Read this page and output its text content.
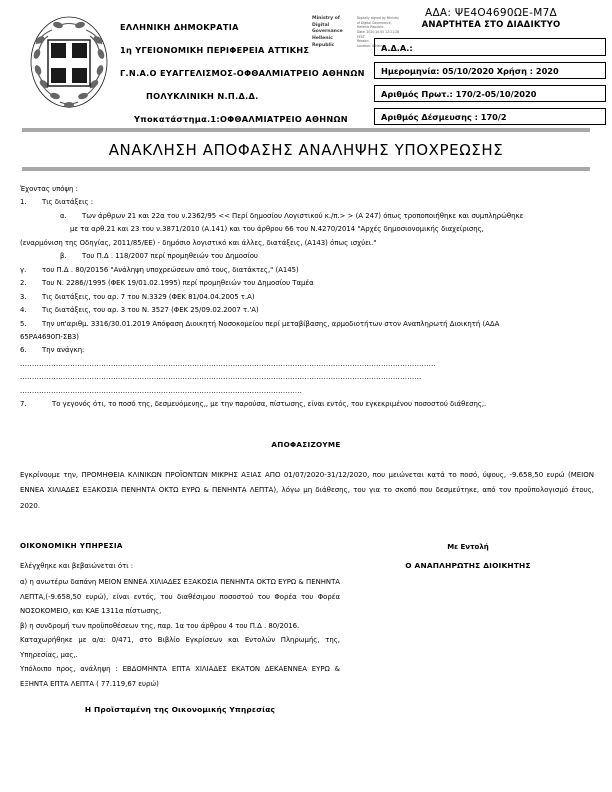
ΑΔΑ: ΨΕ4Ο4690ΩΕ-Μ7Δ
ΑΝΑΡΤΗΤΕΑ ΣΤΟ ΔΙΑΔΙΚΤΥΟ
ΕΛΛΗΝΙΚΗ ΔΗΜΟΚΡΑΤΙΑ
1η ΥΓΕΙΟΝΟΜΙΚΗ ΠΕΡΙΦΕΡΕΙΑ ΑΤΤΙΚΗΣ
Γ.Ν.Α.Ο ΕΥΑΓΓΕΛΙΣΜΟΣ-ΟΦΘΑΛΜΙΑΤΡΕΙΟ ΑΘΗΝΩΝ
ΠΟΛΥΚΛΙΝΙΚΗ Ν.Π.Δ.Δ.
Υποκατάστημα.1:ΟΦΘΑΛΜΙΑΤΡΕΙΟ ΑΘΗΝΩΝ
Ministry of Digital
Governance
Hellenic Republic
Digitally signed by Ministry
of Digital Governance,
Hellenic Republic
Date: 2020.10.05 12:21:28
EEST
Reason:
Location: Athens
Α.Δ.Α.:
Ημερομηνία: 05/10/2020 Χρήση : 2020
Αριθμός Πρωτ.: 170/2-05/10/2020
Αριθμός Δέσμευσης : 170/2
ΑΝΑΚΛΗΣΗ ΑΠΟΦΑΣΗΣ ΑΝΑΛΗΨΗΣ ΥΠΟΧΡΕΩΣΗΣ
Έχοντας υπόψη :
1.	Τις διατάξεις :
α.	Των άρθρων 21 και 22α του ν.2362/95 << Περί δημοσίου Λογιστικού κ./π.> > (Α 247) όπως τροποποιήθηκε και συμπληρώθηκε
με τα αρθ.21 και 23 του ν.3871/2010 (Α.141) και του άρθρου 66 του Ν.4270/2014 "Αρχές δημοσιονομικής διαχείρισης,
(εναρμόνιση της Οδηγίας, 2011/85/ΕΕ) - δημόσιο λογιστικό και άλλες, διατάξεις, (Α143) όπως ισχύει."
β.	Του Π.Δ . 118/2007 περί προμηθειών του Δημοσίου
γ.	του Π.Δ . 80/20156 "Ανάληψη υποχρεώσεων από τους, διατάκτες," (Α145)
2.	Του Ν. 2286//1995 (ΦΕΚ 19/01.02.1995) περί προμηθειών του Δημοσίου Ταμέα
3.	Τις διατάξεις, του αρ. 7 του Ν.3329 (ΦΕΚ 81/04.04.2005 τ.Α)
4.	Τις διατάξεις, του αρ. 3 του Ν. 3527 (ΦΕΚ 25/09.02.2007 τ.'Α)
5.	Την υπ'αριθμ. 3316/30.01.2019 Απόφαση Διοικητή Νοσοκομείου περί μεταβίβασης, αρμοδιοτήτων στον Αναπληρωτή Διοικητή (ΑΔΑ
65ΡΑ4690Π-ΣΒ3)
6.	Την ανάγκη:
..............................................................................................................................................................................
........................................................................................................................................................................
......................................................................................................................
7.	Το γεγονός ότι, το ποσό της, δεσμευόμενης,, με την παρούσα, πίστωσης, είναι εντός, του εγκεκριμένου ποσοστού διάθεσης,.
ΑΠΟΦΑΣΙΖΟΥΜΕ
Εγκρίνουμε την, ΠΡΟΜΗΘΕΙΑ ΚΛΙΝΙΚΩΝ ΠΡΟΪΟΝΤΩΝ ΜΙΚΡΗΣ ΑΞΙΑΣ ΑΠΟ 01/07/2020-31/12/2020, που μειώνεται κατά το ποσό, ύψους, -9.658,50 ευρώ (ΜΕΙΟΝ ΕΝΝΕΑ ΧΙΛΙΑΔΕΣ ΕΞΑΚΟΣΙΑ ΠΕΝΗΝΤΑ ΟΚΤΩ ΕΥΡΩ & ΠΕΝΗΝΤΑ ΛΕΠΤΑ), λόγω μη διάθεσης, του για το σκοπό που δεσμεύτηκε, από τον προϋπολογισμό έτους, 2020.
ΟΙΚΟΝΟΜΙΚΗ ΥΠΗΡΕΣΙΑ
Ελέγχθηκε και βεβαιώνεται ότι :
α) η ανωτέρω δαπάνη ΜΕΙΟΝ ΕΝΝΕΑ ΧΙΛΙΑΔΕΣ ΕΞΑΚΟΣΙΑ ΠΕΝΗΝΤΑ ΟΚΤΩ ΕΥΡΩ & ΠΕΝΗΝΤΑ ΛΕΠΤΑ,(-9.658,50 ευρώ), είναι εντός, του διαθέσιμου ποσοστού του Φορέα του Φορέα ΝΟΣΟΚΟΜΕΙΟ, και ΚΑΕ 1311α πίστωσης,
β) η συνδρομή των προϋποθέσεων της, παρ. 1α του άρθρου 4 του Π.Δ . 80/2016.
Καταχωρήθηκε με α/α: 0/471, στο Βιβλίο Εγκρίσεων και Εντολών Πληρωμής, της, Υπηρεσίας, μας,.
Υπόλοιπο προς, ανάληψη : ΕΒΔΟΜΗΝΤΑ ΕΠΤΑ ΧΙΛΙΑΔΕΣ ΕΚΑΤΟΝ ΔΕΚΑΕΝΝΕΑ ΕΥΡΩ & ΕΞΗΝΤΑ ΕΠΤΑ ΛΕΠΤΑ ( 77.119,67 ευρώ)
Με Εντολή
Ο ΑΝΑΠΛΗΡΩΤΗΣ ΔΙΟΙΚΗΤΗΣ
Η Προϊσταμένη της Οικονομικής Υπηρεσίας
